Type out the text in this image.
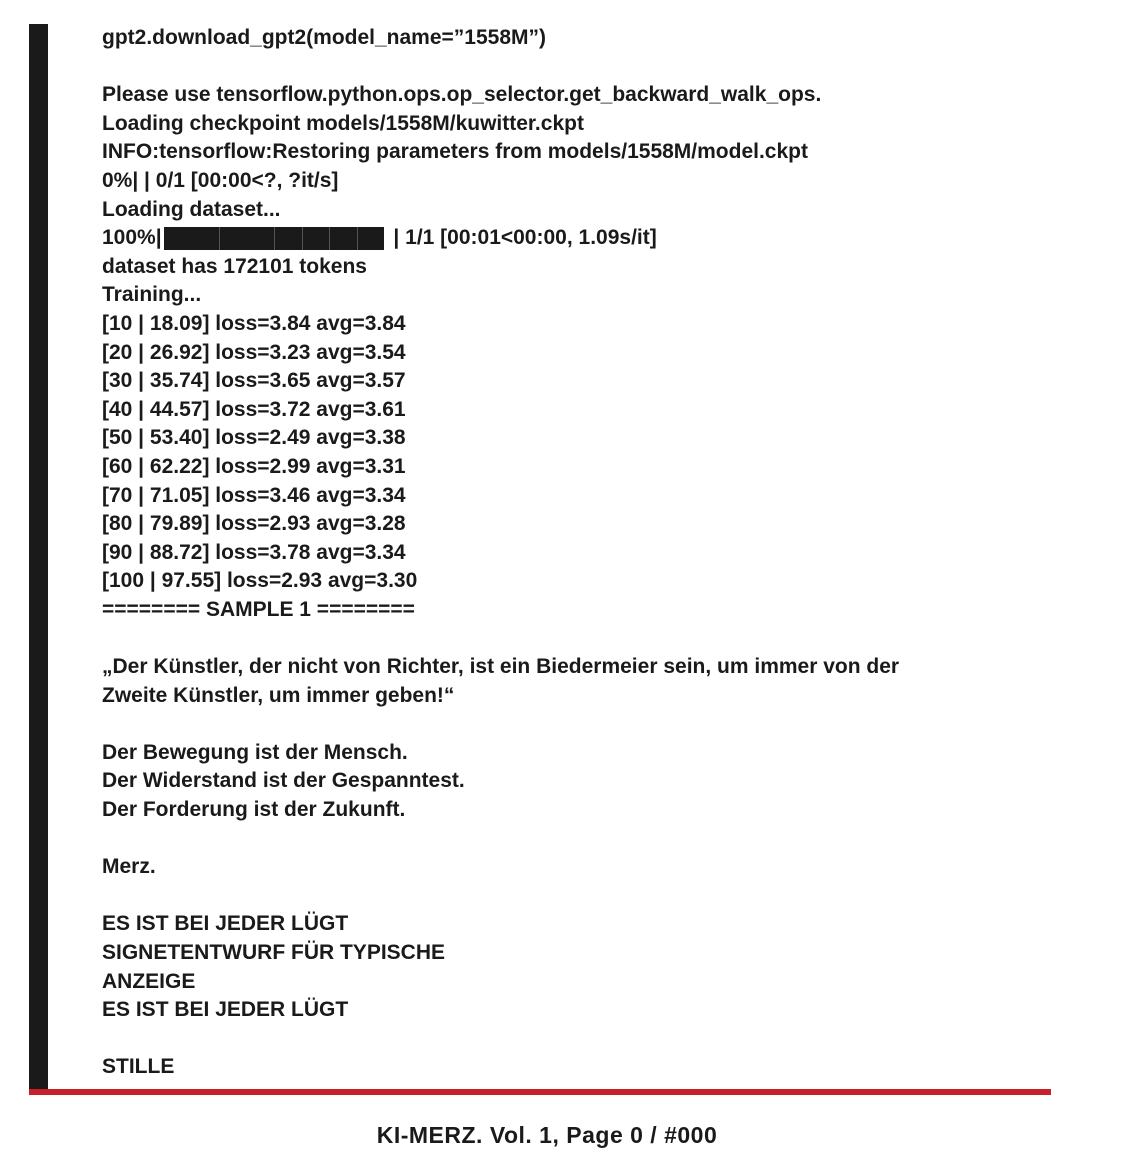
gpt2.download_gpt2(model_name=”1558M”)
Please use tensorflow.python.ops.op_selector.get_backward_walk_ops.
Loading checkpoint models/1558M/kuwitter.ckpt
INFO:tensorflow:Restoring parameters from models/1558M/model.ckpt
0%| | 0/1 [00:00<?, ?it/s]
Loading dataset...
100%|

	| 1/1 [00:01<00:00, 1.09s/it]
dataset has 172101 tokens
Training...
[10 | 18.09] loss=3.84 avg=3.84
[20 | 26.92] loss=3.23 avg=3.54
[30 | 35.74] loss=3.65 avg=3.57
[40 | 44.57] loss=3.72 avg=3.61
[50 | 53.40] loss=2.49 avg=3.38
[60 | 62.22] loss=2.99 avg=3.31
[70 | 71.05] loss=3.46 avg=3.34
[80 | 79.89] loss=2.93 avg=3.28
[90 | 88.72] loss=3.78 avg=3.34
[100 | 97.55] loss=2.93 avg=3.30
======== SAMPLE 1 ========
„Der Künstler, der nicht von Richter, ist ein Biedermeier sein, um immer von der
Zweite Künstler, um immer geben!“
Der Bewegung ist der Mensch.
Der Widerstand ist der Gespanntest.
Der Forderung ist der Zukunft.
Merz.
ES IST BEI JEDER LÜGT
SIGNETENTWURF FÜR TYPISCHE
ANZEIGE
ES IST BEI JEDER LÜGT
STILLE
KI-MERZ. Vol. 1, Page 0 / #000
